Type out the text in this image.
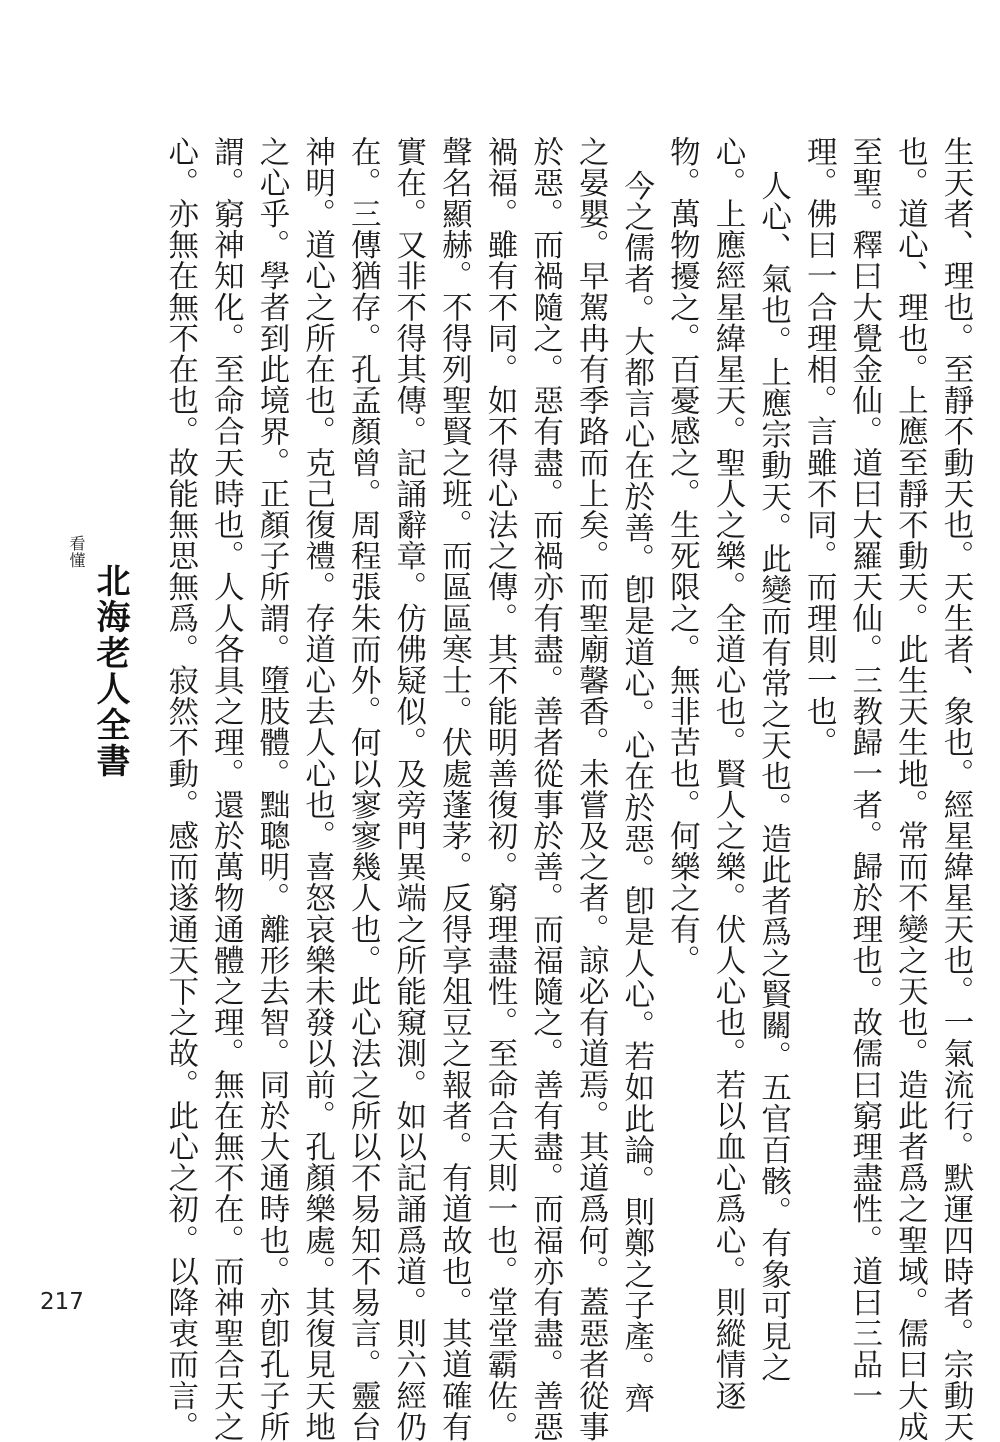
生天者、理也。至靜不動天也。天生者、象也。經星緯星天也。一氣流行。默運四時者。宗動天
也。道心、理也。上應至靜不動天。此生天生地。常而不變之天也。造此者爲之聖域。儒曰大成
至聖。釋曰大覺金仙。道曰大羅天仙。三教歸一者。歸於理也。故儒曰窮理盡性。道曰三品一
理。佛曰一合理相。言雖不同。而理則一也。
人心、氣也。上應宗動天。此變而有常之天也。造此者爲之賢關。五官百骸。有象可見之
心。上應經星緯星天。聖人之樂。全道心也。賢人之樂。伏人心也。若以血心爲心。則縱情逐
物。萬物擾之。百憂感之。生死限之。無非苦也。何樂之有。
今之儒者。大都言心在於善。卽是道心。心在於惡。卽是人心。若如此論。則鄭之子產。齊
之晏嬰。早駕冉有季路而上矣。而聖廟馨香。未嘗及之者。諒必有道焉。其道爲何。蓋惡者從事
於惡。而禍隨之。惡有盡。而禍亦有盡。善者從事於善。而福隨之。善有盡。而福亦有盡。善惡
禍福。雖有不同。如不得心法之傳。其不能明善復初。窮理盡性。至命合天則一也。堂堂霸佐。
聲名顯赫。不得列聖賢之班。而區區寒士。伏處蓬茅。反得享俎豆之報者。有道故也。其道確有
實在。又非不得其傳。記誦辭章。仿佛疑似。及旁門異端之所能窺測。如以記誦爲道。則六經仍
在。三傳猶存。孔孟顏曾。周程張朱而外。何以寥寥幾人也。此心法之所以不易知不易言。靈台
神明。道心之所在也。克己復禮。存道心去人心也。喜怒哀樂未發以前。孔顏樂處。其復見天地
之心乎。學者到此境界。正顏子所謂。墮肢體。黜聰明。離形去智。同於大通時也。亦卽孔子所
謂。窮神知化。至命合天時也。人人各具之理。還於萬物通體之理。無在無不在。而神聖合天之
心。亦無在無不在也。故能無思無爲。寂然不動。感而遂通天下之故。此心之初。以降衷而言。
看懂
北海老人全書
217
